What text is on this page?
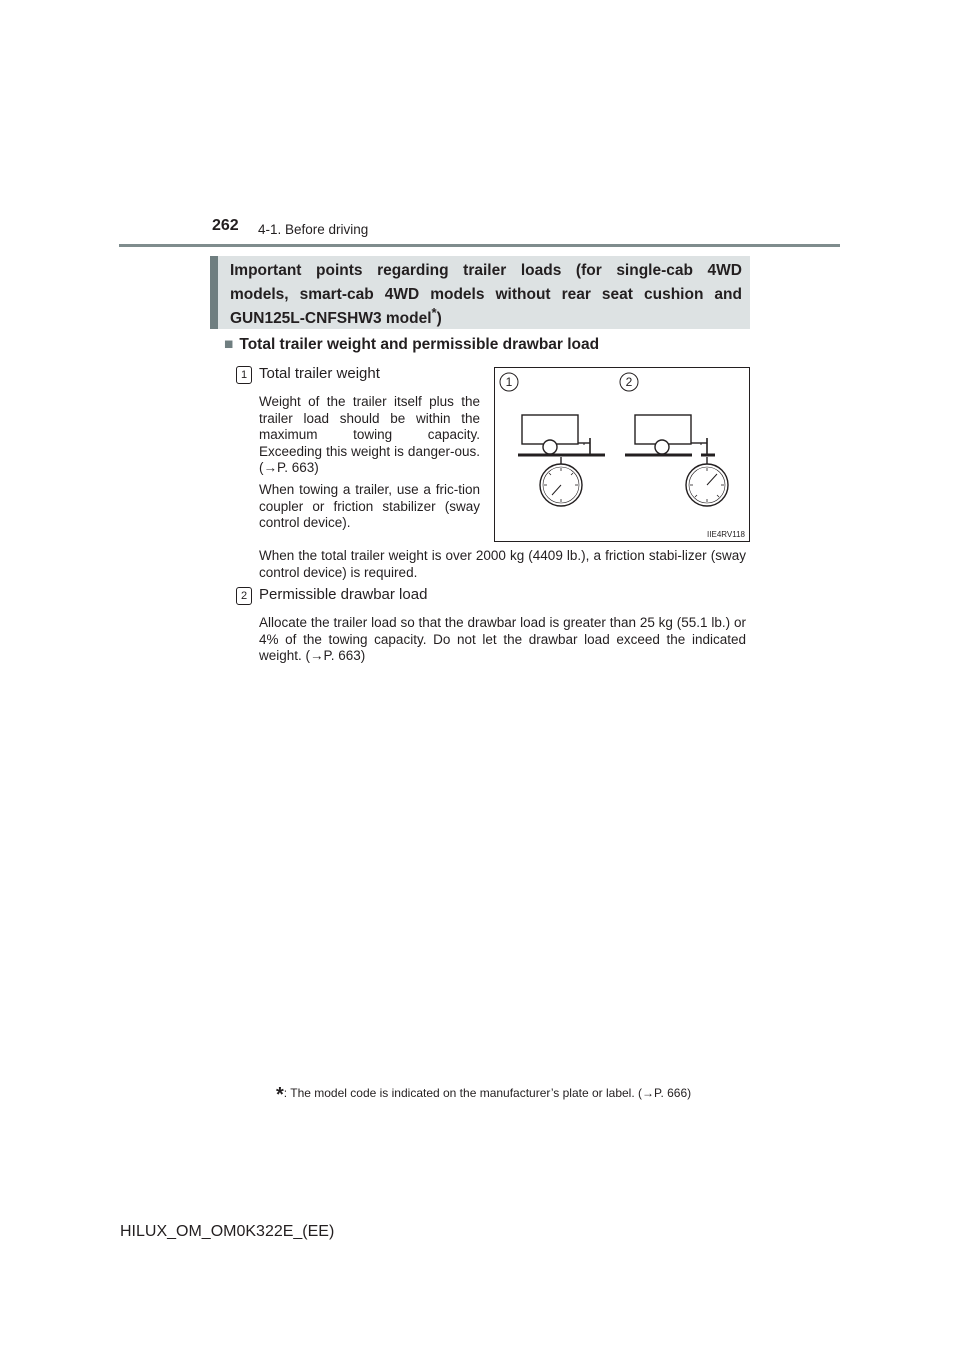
262 4-1. Before driving
Important points regarding trailer loads (for single-cab 4WD
models, smart-cab 4WD models without rear seat cushion and
GUN125L-CNFSHW3 model*)
■ Total trailer weight and permissible drawbar load
1 Total trailer weight

Weight of the trailer itself plus the trailer load should be within the maximum towing capacity. Exceeding this weight is danger-ous. (→P. 663)

When towing a trailer, use a fric-tion coupler or friction stabilizer (sway control device).

When the total trailer weight is over 2000 kg (4409 lb.), a friction stabi-lizer (sway control device) is required.

1	2
IIE4RV118
2 Permissible drawbar load

Allocate the trailer load so that the drawbar load is greater than 25 kg (55.1 lb.) or 4% of the towing capacity. Do not let the drawbar load exceed the indicated weight. (→P. 663)

*: The model code is indicated on the manufacturer’s plate or label. (→P. 666)
HILUX_OM_OM0K322E_(EE)
